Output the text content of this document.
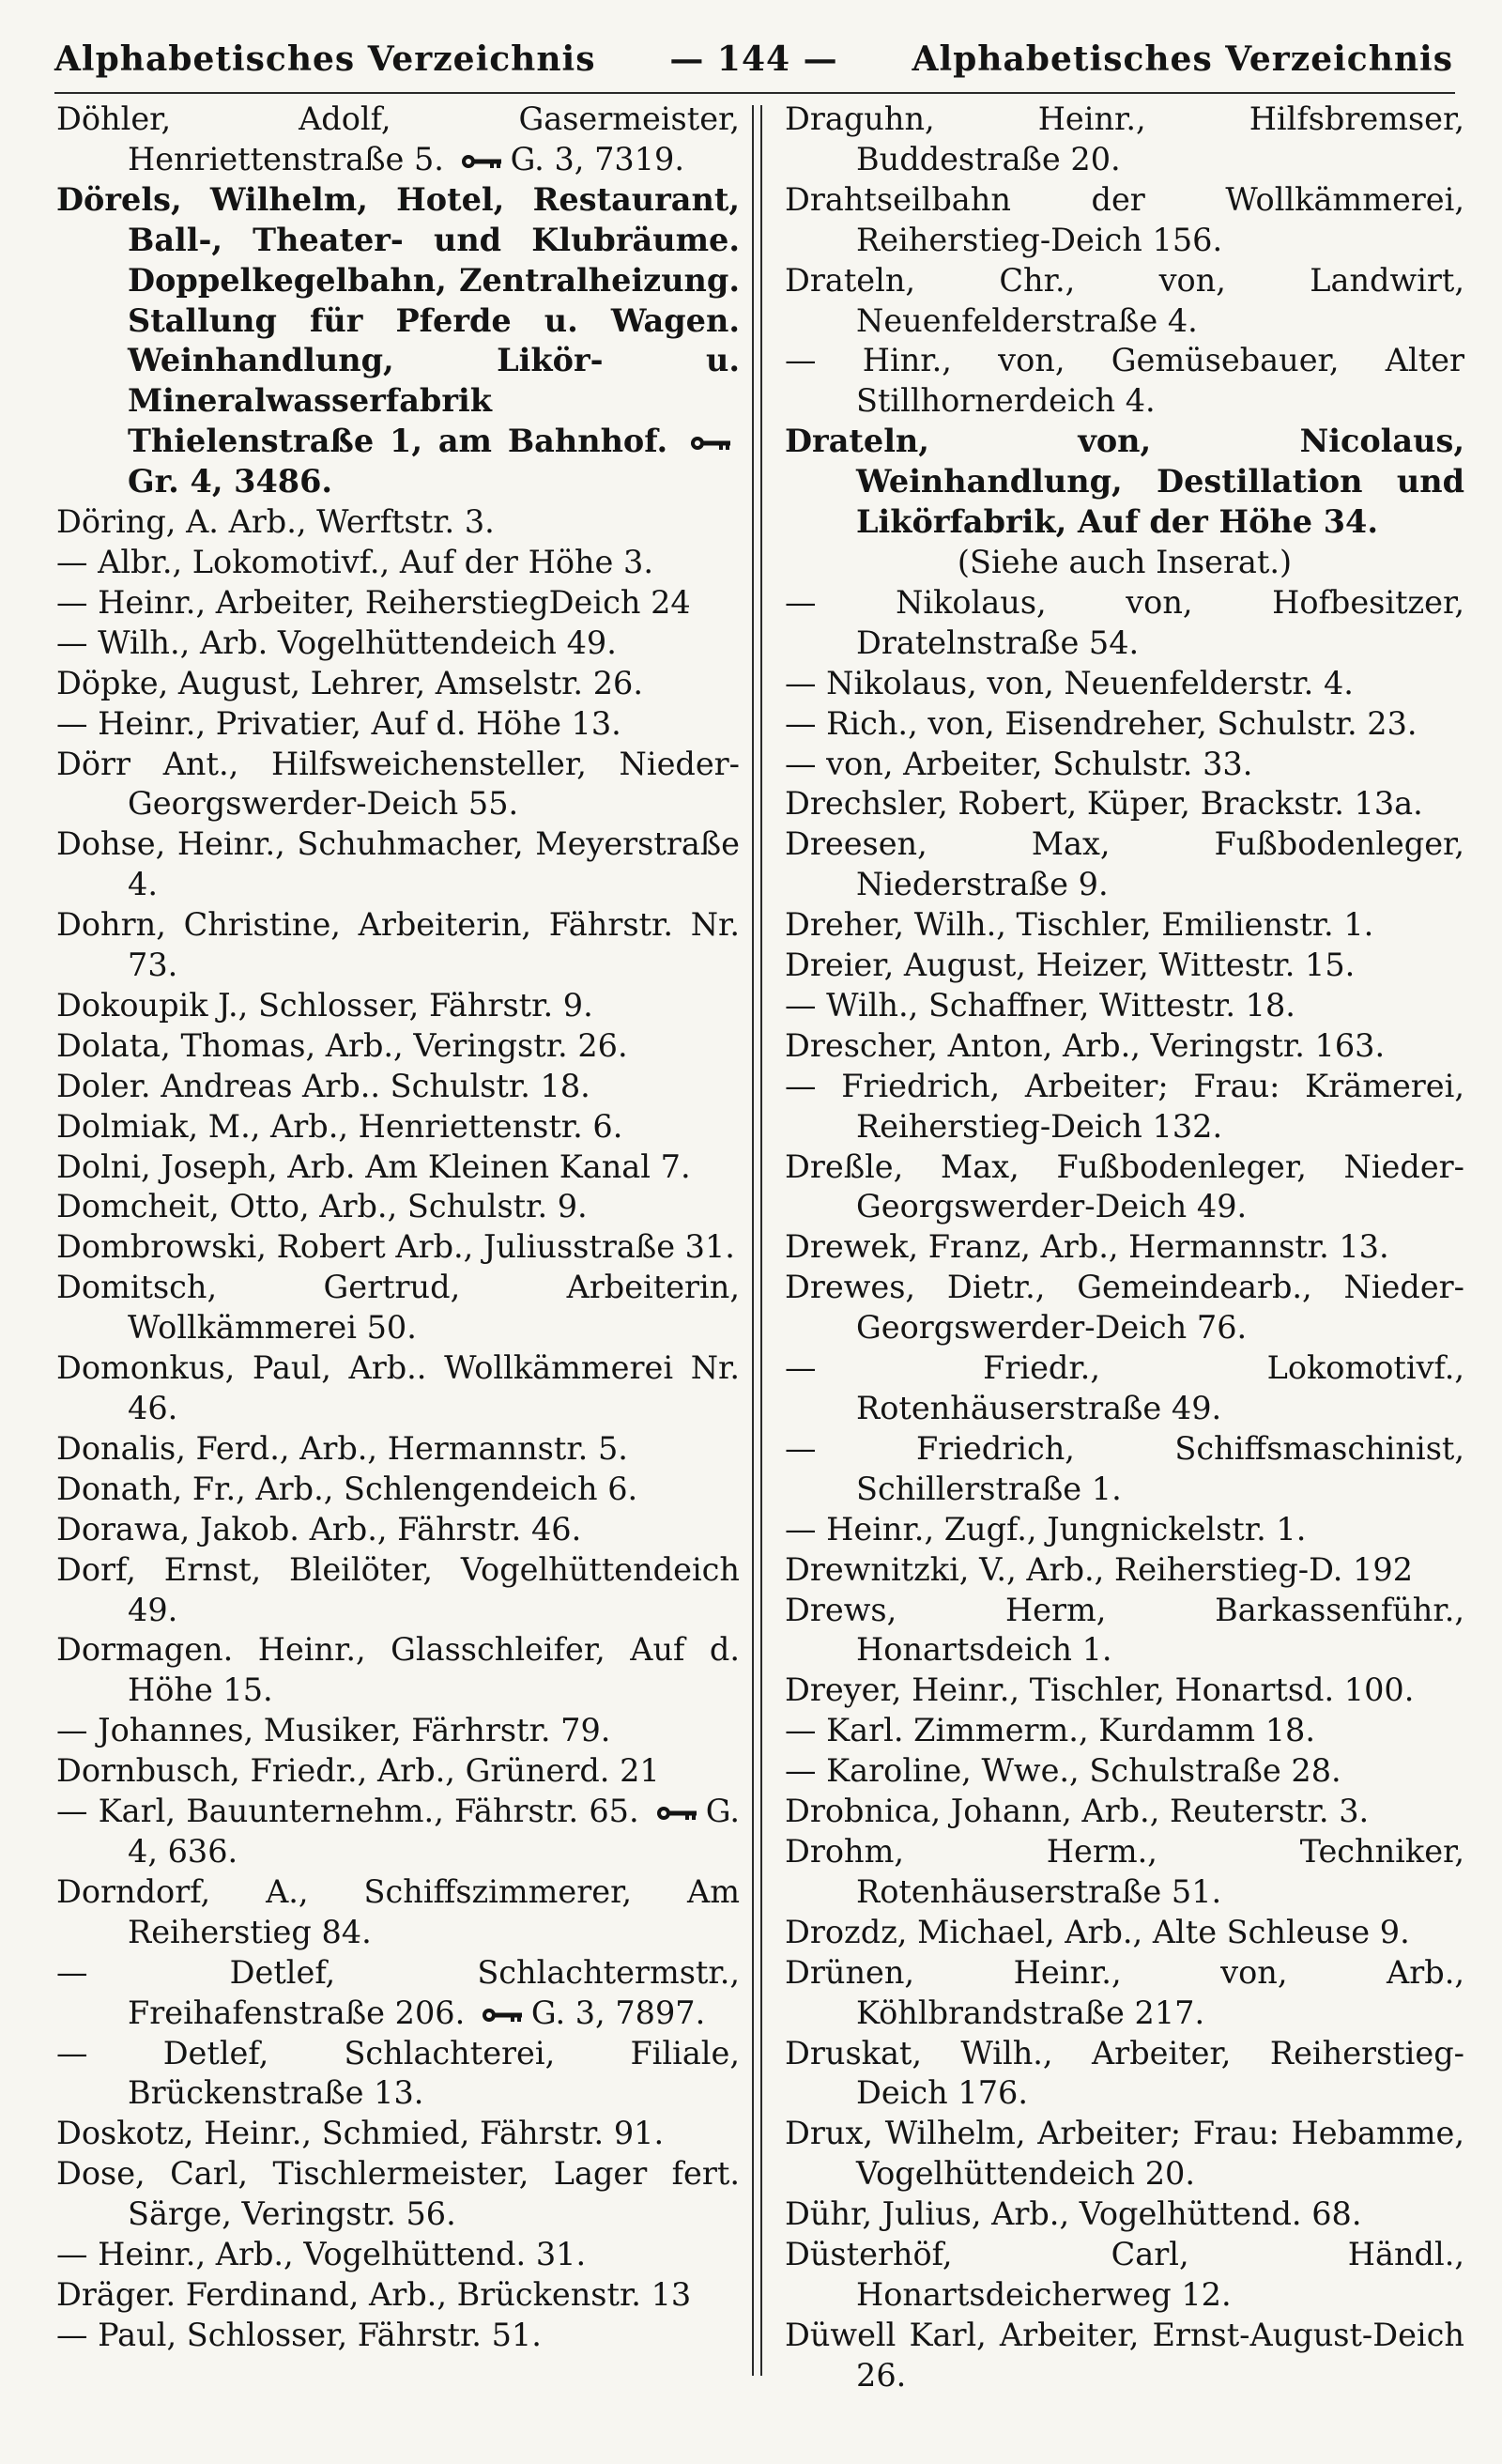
Alphabetisches Verzeichnis	— 144 —	Alphabetisches Verzeichnis

Döhler, Adolf, Gasermeister, Henriettenstraße 5. G. 3, 7319.

Dörels, Wilhelm, Hotel, Restaurant, Ball-, Theater- und Klubräume. Doppelkegelbahn, Zentralheizung. Stallung für Pferde u. Wagen. Weinhandlung, Likör- u. Mineralwasserfabrik Thielenstraße 1, am Bahnhof. Gr. 4, 3486.

Döring, A. Arb., Werftstr. 3.

— Albr., Lokomotivf., Auf der Höhe 3.

— Heinr., Arbeiter, ReiherstiegDeich 24

— Wilh., Arb. Vogelhüttendeich 49.

Döpke, August, Lehrer, Amselstr. 26.

— Heinr., Privatier, Auf d. Höhe 13.

Dörr Ant., Hilfsweichensteller, Nieder-Georgswerder-Deich 55.

Dohse, Heinr., Schuhmacher, Meyerstraße 4.

Dohrn, Christine, Arbeiterin, Fährstr. Nr. 73.

Dokoupik J., Schlosser, Fährstr. 9.

Dolata, Thomas, Arb., Veringstr. 26.

Doler. Andreas Arb.. Schulstr. 18.

Dolmiak, M., Arb., Henriettenstr. 6.

Dolni, Joseph, Arb. Am Kleinen Kanal 7.

Domcheit, Otto, Arb., Schulstr. 9.

Dombrowski, Robert Arb., Juliusstraße 31.

Domitsch, Gertrud, Arbeiterin, Wollkämmerei 50.

Domonkus, Paul, Arb.. Wollkämmerei Nr. 46.

Donalis, Ferd., Arb., Hermannstr. 5.

Donath, Fr., Arb., Schlengendeich 6.

Dorawa, Jakob. Arb., Fährstr. 46.

Dorf, Ernst, Bleilöter, Vogelhüttendeich 49.

Dormagen. Heinr., Glasschleifer, Auf d. Höhe 15.

— Johannes, Musiker, Färhrstr. 79.

Dornbusch, Friedr., Arb., Grünerd. 21

— Karl, Bauunternehm., Fährstr. 65. G. 4, 636.

Dorndorf, A., Schiffszimmerer, Am Reiherstieg 84.

— Detlef, Schlachtermstr., Freihafenstraße 206. G. 3, 7897.

— Detlef, Schlachterei, Filiale, Brückenstraße 13.

Doskotz, Heinr., Schmied, Fährstr. 91.

Dose, Carl, Tischlermeister, Lager fert. Särge, Veringstr. 56.

— Heinr., Arb., Vogelhüttend. 31.

Dräger. Ferdinand, Arb., Brückenstr. 13

— Paul, Schlosser, Fährstr. 51.

Draguhn, Heinr., Hilfsbremser, Buddestraße 20.

Drahtseilbahn der Wollkämmerei, Reiherstieg-Deich 156.

Drateln, Chr., von, Landwirt, Neuenfelderstraße 4.

— Hinr., von, Gemüsebauer, Alter Stillhornerdeich 4.

Drateln, von, Nicolaus, Weinhandlung, Destillation und Likörfabrik, Auf der Höhe 34.

(Siehe auch Inserat.)

— Nikolaus, von, Hofbesitzer, Dratelnstraße 54.

— Nikolaus, von, Neuenfelderstr. 4.

— Rich., von, Eisendreher, Schulstr. 23.

— von, Arbeiter, Schulstr. 33.

Drechsler, Robert, Küper, Brackstr. 13a.

Dreesen, Max, Fußbodenleger, Niederstraße 9.

Dreher, Wilh., Tischler, Emilienstr. 1.

Dreier, August, Heizer, Wittestr. 15.

— Wilh., Schaffner, Wittestr. 18.

Drescher, Anton, Arb., Veringstr. 163.

— Friedrich, Arbeiter; Frau: Krämerei, Reiherstieg-Deich 132.

Dreßle, Max, Fußbodenleger, Nieder-Georgswerder-Deich 49.

Drewek, Franz, Arb., Hermannstr. 13.

Drewes, Dietr., Gemeindearb., Nieder-Georgswerder-Deich 76.

— Friedr., Lokomotivf., Rotenhäuserstraße 49.

— Friedrich, Schiffsmaschinist, Schillerstraße 1.

— Heinr., Zugf., Jungnickelstr. 1.

Drewnitzki, V., Arb., Reiherstieg-D. 192

Drews, Herm, Barkassenführ., Honartsdeich 1.

Dreyer, Heinr., Tischler, Honartsd. 100.

— Karl. Zimmerm., Kurdamm 18.

— Karoline, Wwe., Schulstraße 28.

Drobnica, Johann, Arb., Reuterstr. 3.

Drohm, Herm., Techniker, Rotenhäuserstraße 51.

Drozdz, Michael, Arb., Alte Schleuse 9.

Drünen, Heinr., von, Arb., Köhlbrandstraße 217.

Druskat, Wilh., Arbeiter, Reiherstieg-Deich 176.

Drux, Wilhelm, Arbeiter; Frau: Hebamme, Vogelhüttendeich 20.

Dühr, Julius, Arb., Vogelhüttend. 68.

Düsterhöf, Carl, Händl., Honartsdeicherweg 12.

Düwell Karl, Arbeiter, Ernst-August-Deich 26.
